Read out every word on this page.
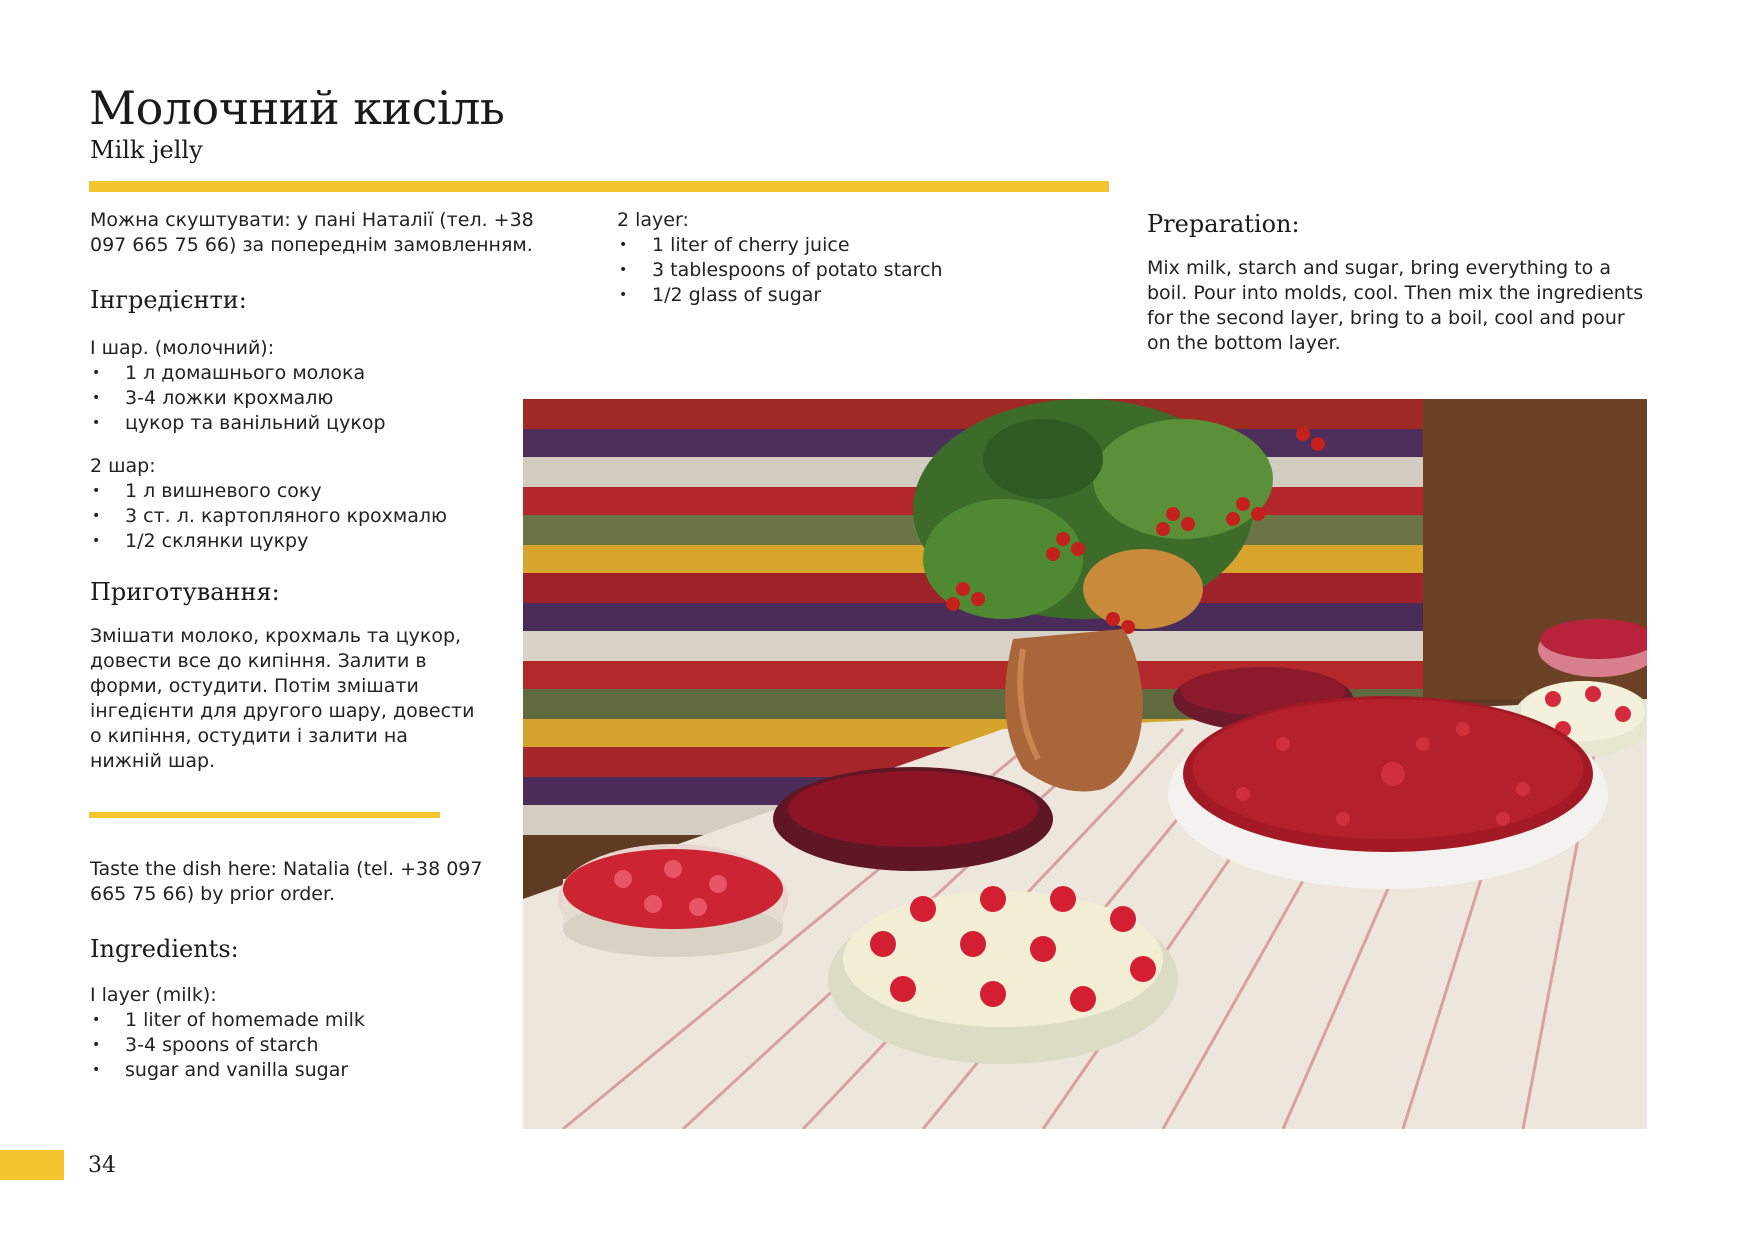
Молочний кисіль
Milk jelly

Можна скуштувати: у пані Наталії (тел. +38 097 665 75 66) за попереднім замовленням.

Інгредієнти:

І шар. (молочний):

• 1 л домашнього молока
• 3-4 ложки крохмалю
• цукор та ванільний цукор

2 шар:

• 1 л вишневого соку
• 3 ст. л. картопляного крохмалю
• 1/2 склянки цукру
Приготування:

Змішати молоко, крохмаль та цукор, довести все до кипіння. Залити в форми, остудити. Потім змішати інгедієнти для другого шару, довести о кипіння, остудити і залити на нижній шар.

Taste the dish here: Natalia (tel. +38 097 665 75 66) by prior order.

Ingredients:

I layer (milk):

• 1 liter of homemade milk
• 3-4 spoons of starch
• sugar and vanilla sugar

2 layer:

• 1 liter of cherry juice
• 3 tablespoons of potato starch
• 1/2 glass of sugar
Preparation:

Mix milk, starch and sugar, bring everything to a boil. Pour into molds, cool. Then mix the ingredients for the second layer, bring to a boil, cool and pour on the bottom layer.

34
